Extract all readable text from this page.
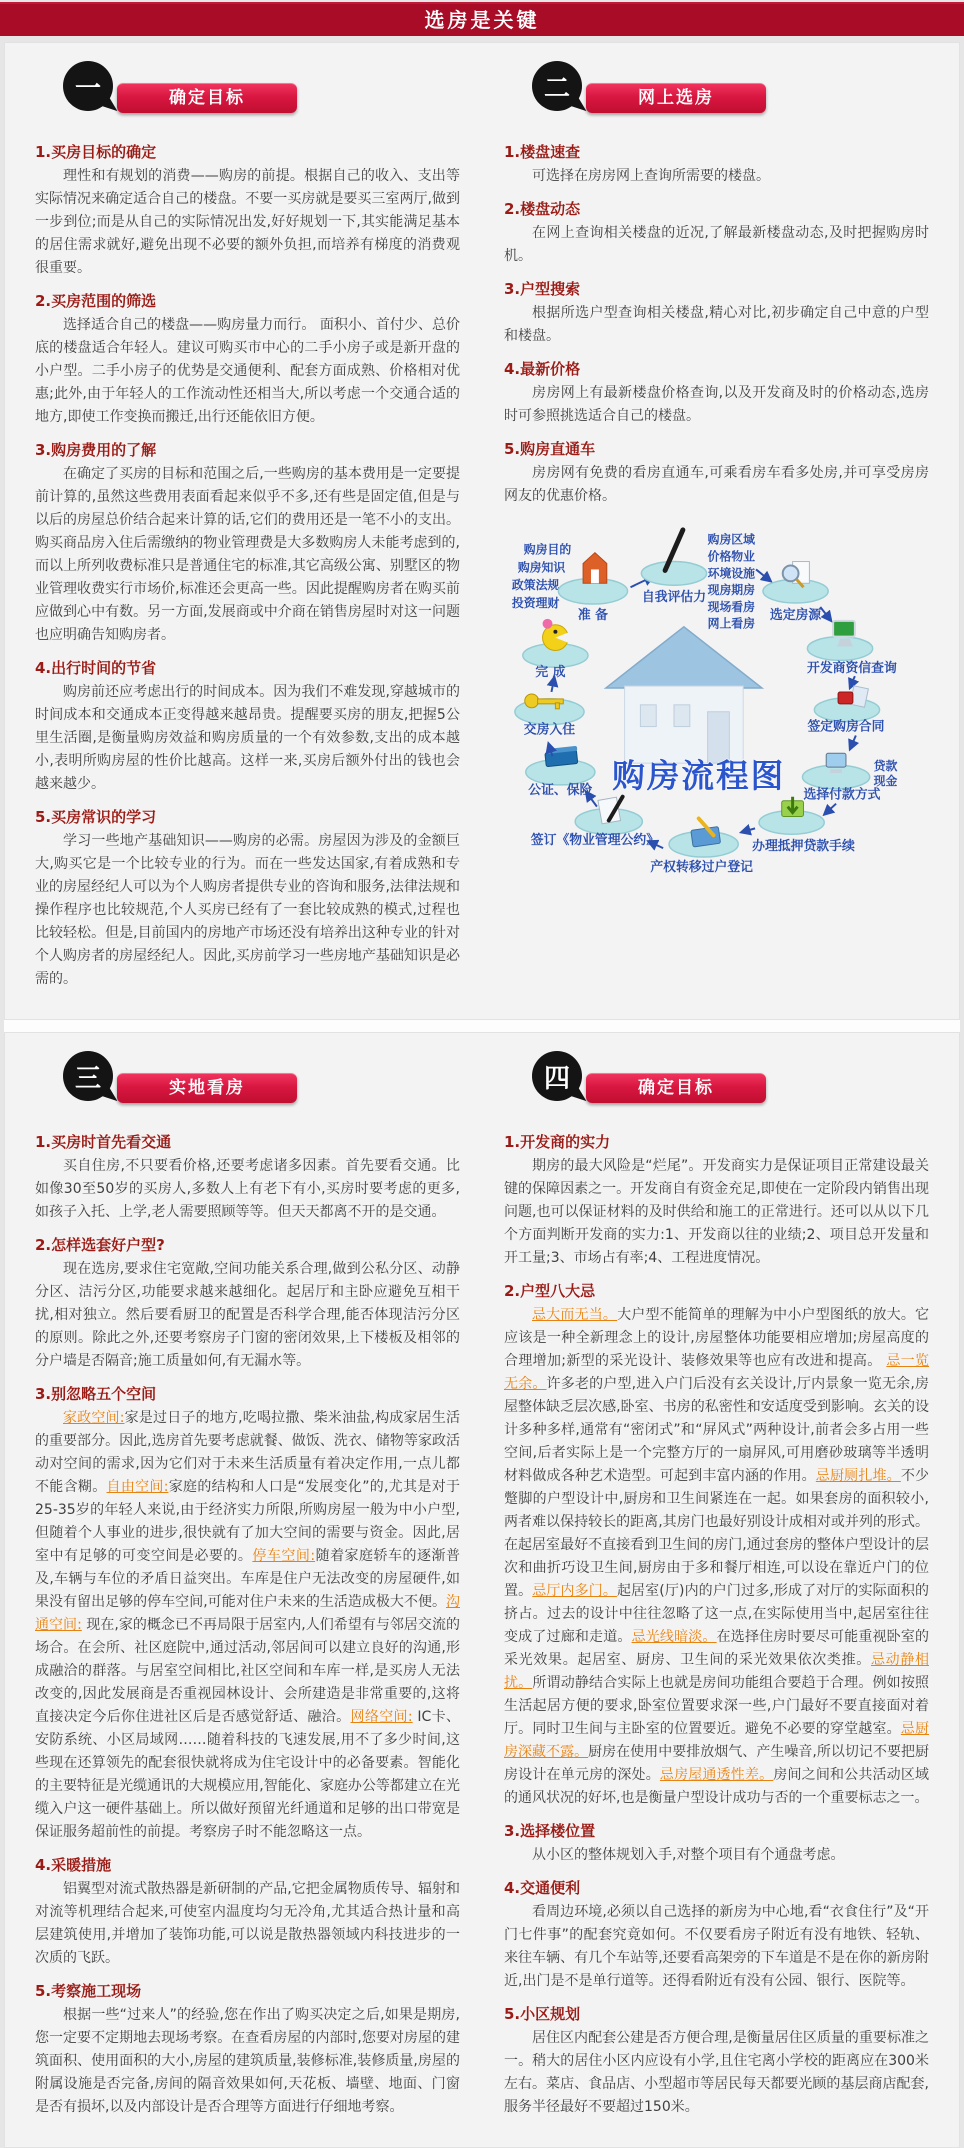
选房是关键
一	确定目标
1.买房目标的确定

理性和有规划的消费——购房的前提。根据自己的收入、支出等实际情况来确定适合自己的楼盘。不要一买房就是要买三室两厅,做到一步到位;而是从自己的实际情况出发,好好规划一下,其实能满足基本的居住需求就好,避免出现不必要的额外负担,而培养有梯度的消费观很重要。

2.买房范围的筛选

选择适合自己的楼盘——购房量力而行。 面积小、首付少、总价底的楼盘适合年轻人。建议可购买市中心的二手小房子或是新开盘的小户型。二手小房子的优势是交通便利、配套方面成熟、价格相对优惠;此外,由于年轻人的工作流动性还相当大,所以考虑一个交通合适的地方,即使工作变换而搬迁,出行还能依旧方便。

3.购房费用的了解

在确定了买房的目标和范围之后,一些购房的基本费用是一定要提前计算的,虽然这些费用表面看起来似乎不多,还有些是固定值,但是与以后的房屋总价结合起来计算的话,它们的费用还是一笔不小的支出。购买商品房入住后需缴纳的物业管理费是大多数购房人未能考虑到的,而以上所列收费标准只是普通住宅的标准,其它高级公寓、别墅区的物业管理收费实行市场价,标准还会更高一些。因此提醒购房者在购买前应做到心中有数。另一方面,发展商或中介商在销售房屋时对这一问题也应明确告知购房者。

4.出行时间的节省

购房前还应考虑出行的时间成本。因为我们不难发现,穿越城市的时间成本和交通成本正变得越来越昂贵。提醒要买房的朋友,把握5公里生活圈,是衡量购房效益和购房质量的一个有效参数,支出的成本越小,表明所购房屋的性价比越高。这样一来,买房后额外付出的钱也会越来越少。

5.买房常识的学习

学习一些地产基础知识——购房的必需。房屋因为涉及的金额巨大,购买它是一个比较专业的行为。而在一些发达国家,有着成熟和专业的房屋经纪人可以为个人购房者提供专业的咨询和服务,法律法规和操作程序也比较规范,个人买房已经有了一套比较成熟的模式,过程也比较轻松。但是,目前国内的房地产市场还没有培养出这种专业的针对个人购房者的房屋经纪人。因此,买房前学习一些房地产基础知识是必需的。

二	网上选房
1.楼盘速查

可选择在房房网上查询所需要的楼盘。

2.楼盘动态

在网上查询相关楼盘的近况,了解最新楼盘动态,及时把握购房时机。

3.户型搜索

根据所选户型查询相关楼盘,精心对比,初步确定自己中意的户型和楼盘。

4.最新价格

房房网上有最新楼盘价格查询,以及开发商及时的价格动态,选房时可参照挑选适合自己的楼盘。

5.购房直通车

房房网有免费的看房直通车,可乘看房车看多处房,并可享受房房网友的优惠价格。

购房流程图
购房目的
购房知识
政策法规
投资理财
准 备
自我评估力
购房区域
价格物业
环境设施
现房期房
现场看房
网上看房
选定房源
开发商资信查询
签定购房合同
贷款
现金
选择付款方式
办理抵押贷款手续
产权转移过户登记
签订《物业管理公约》
公证、保险
交房入住
完 成
三	实地看房
1.买房时首先看交通

买自住房,不只要看价格,还要考虑诸多因素。首先要看交通。比如像30至50岁的买房人,多数人上有老下有小,买房时要考虑的更多,如孩子入托、上学,老人需要照顾等等。但天天都离不开的是交通。

2.怎样选套好户型?

现在选房,要求住宅宽敞,空间功能关系合理,做到公私分区、动静分区、洁污分区,功能要求越来越细化。起居厅和主卧应避免互相干扰,相对独立。然后要看厨卫的配置是否科学合理,能否体现洁污分区的原则。除此之外,还要考察房子门窗的密闭效果,上下楼板及相邻的分户墙是否隔音;施工质量如何,有无漏水等。

3.别忽略五个空间

家政空间:家是过日子的地方,吃喝拉撒、柴米油盐,构成家居生活的重要部分。因此,选房首先要考虑就餐、做饭、洗衣、储物等家政活动对空间的需求,因为它们对于未来生活质量有着决定作用,一点儿都不能含糊。自由空间:家庭的结构和人口是“发展变化”的,尤其是对于25-35岁的年轻人来说,由于经济实力所限,所购房屋一般为中小户型,但随着个人事业的进步,很快就有了加大空间的需要与资金。因此,居室中有足够的可变空间是必要的。停车空间:随着家庭轿车的逐渐普及,车辆与车位的矛盾日益突出。车库是住户无法改变的房屋硬件,如果没有留出足够的停车空间,可能对住户未来的生活造成极大不便。沟通空间: 现在,家的概念已不再局限于居室内,人们希望有与邻居交流的场合。在会所、社区庭院中,通过活动,邻居间可以建立良好的沟通,形成融洽的群落。与居室空间相比,社区空间和车库一样,是买房人无法改变的,因此发展商是否重视园林设计、会所建造是非常重要的,这将直接决定今后你住进社区后是否感觉舒适、融洽。网络空间: IC卡、安防系统、小区局域网……随着科技的飞速发展,用不了多少时间,这些现在还算领先的配套很快就将成为住宅设计中的必备要素。智能化的主要特征是光缆通讯的大规模应用,智能化、家庭办公等都建立在光缆入户这一硬件基础上。所以做好预留光纤通道和足够的出口带宽是保证服务超前性的前提。考察房子时不能忽略这一点。

4.采暖措施

铝翼型对流式散热器是新研制的产品,它把金属物质传导、辐射和对流等机理结合起来,可使室内温度均匀无冷角,尤其适合热计量和高层建筑使用,并增加了装饰功能,可以说是散热器领域内科技进步的一次质的飞跃。

5.考察施工现场

根据一些“过来人”的经验,您在作出了购买决定之后,如果是期房,您一定要不定期地去现场考察。在查看房屋的内部时,您要对房屋的建筑面积、使用面积的大小,房屋的建筑质量,装修标准,装修质量,房屋的附属设施是否完备,房间的隔音效果如何,天花板、墙壁、地面、门窗是否有损坏,以及内部设计是否合理等方面进行仔细地考察。

四	确定目标
1.开发商的实力

期房的最大风险是“烂尾”。开发商实力是保证项目正常建设最关键的保障因素之一。开发商自有资金充足,即使在一定阶段内销售出现问题,也可以保证材料的及时供给和施工的正常进行。还可以从以下几个方面判断开发商的实力:1、开发商以往的业绩;2、项目总开发量和开工量;3、市场占有率;4、工程进度情况。

2.户型八大忌

忌大而无当。大户型不能简单的理解为中小户型图纸的放大。它应该是一种全新理念上的设计,房屋整体功能要相应增加;房屋高度的合理增加;新型的采光设计、装修效果等也应有改进和提高。 忌一览无余。许多老的户型,进入户门后没有玄关设计,厅内景象一览无余,房屋整体缺乏层次感,卧室、书房的私密性和安适度受到影响。玄关的设计多种多样,通常有“密闭式”和“屏风式”两种设计,前者会多占用一些空间,后者实际上是一个完整方厅的一扇屏风,可用磨砂玻璃等半透明材料做成各种艺术造型。可起到丰富内涵的作用。忌厨厕扎堆。不少蹩脚的户型设计中,厨房和卫生间紧连在一起。如果套房的面积较小,两者难以保持较长的距离,其房门也最好别设计成相对或并列的形式。在起居室最好不直接看到卫生间的房门,通过套房的整体户型设计的层次和曲折巧设卫生间,厨房由于多和餐厅相连,可以设在靠近户门的位置。忌厅内多门。起居室(厅)内的户门过多,形成了对厅的实际面积的挤占。过去的设计中往往忽略了这一点,在实际使用当中,起居室往往变成了过廊和走道。忌光线暗淡。在选择住房时要尽可能重视卧室的采光效果。起居室、厨房、卫生间的采光效果依次类推。忌动静相扰。所谓动静结合实际上也就是房间功能组合要趋于合理。例如按照生活起居方便的要求,卧室位置要求深一些,户门最好不要直接面对着厅。同时卫生间与主卧室的位置要近。避免不必要的穿堂越室。忌厨房深藏不露。厨房在使用中要排放烟气、产生噪音,所以切记不要把厨房设计在单元房的深处。忌房屋通透性差。房间之间和公共活动区域的通风状况的好坏,也是衡量户型设计成功与否的一个重要标志之一。

3.选择楼位置

从小区的整体规划入手,对整个项目有个通盘考虑。

4.交通便利

看周边环境,必须以自己选择的新房为中心地,看“衣食住行”及“开门七件事”的配套究竟如何。不仅要看房子附近有没有地铁、轻轨、来往车辆、有几个车站等,还要看高架旁的下车道是不是在你的新房附近,出门是不是单行道等。还得看附近有没有公园、银行、医院等。

5.小区规划

居住区内配套公建是否方便合理,是衡量居住区质量的重要标准之一。稍大的居住小区内应设有小学,且住宅离小学校的距离应在300米左右。菜店、食品店、小型超市等居民每天都要光顾的基层商店配套,服务半径最好不要超过150米。
